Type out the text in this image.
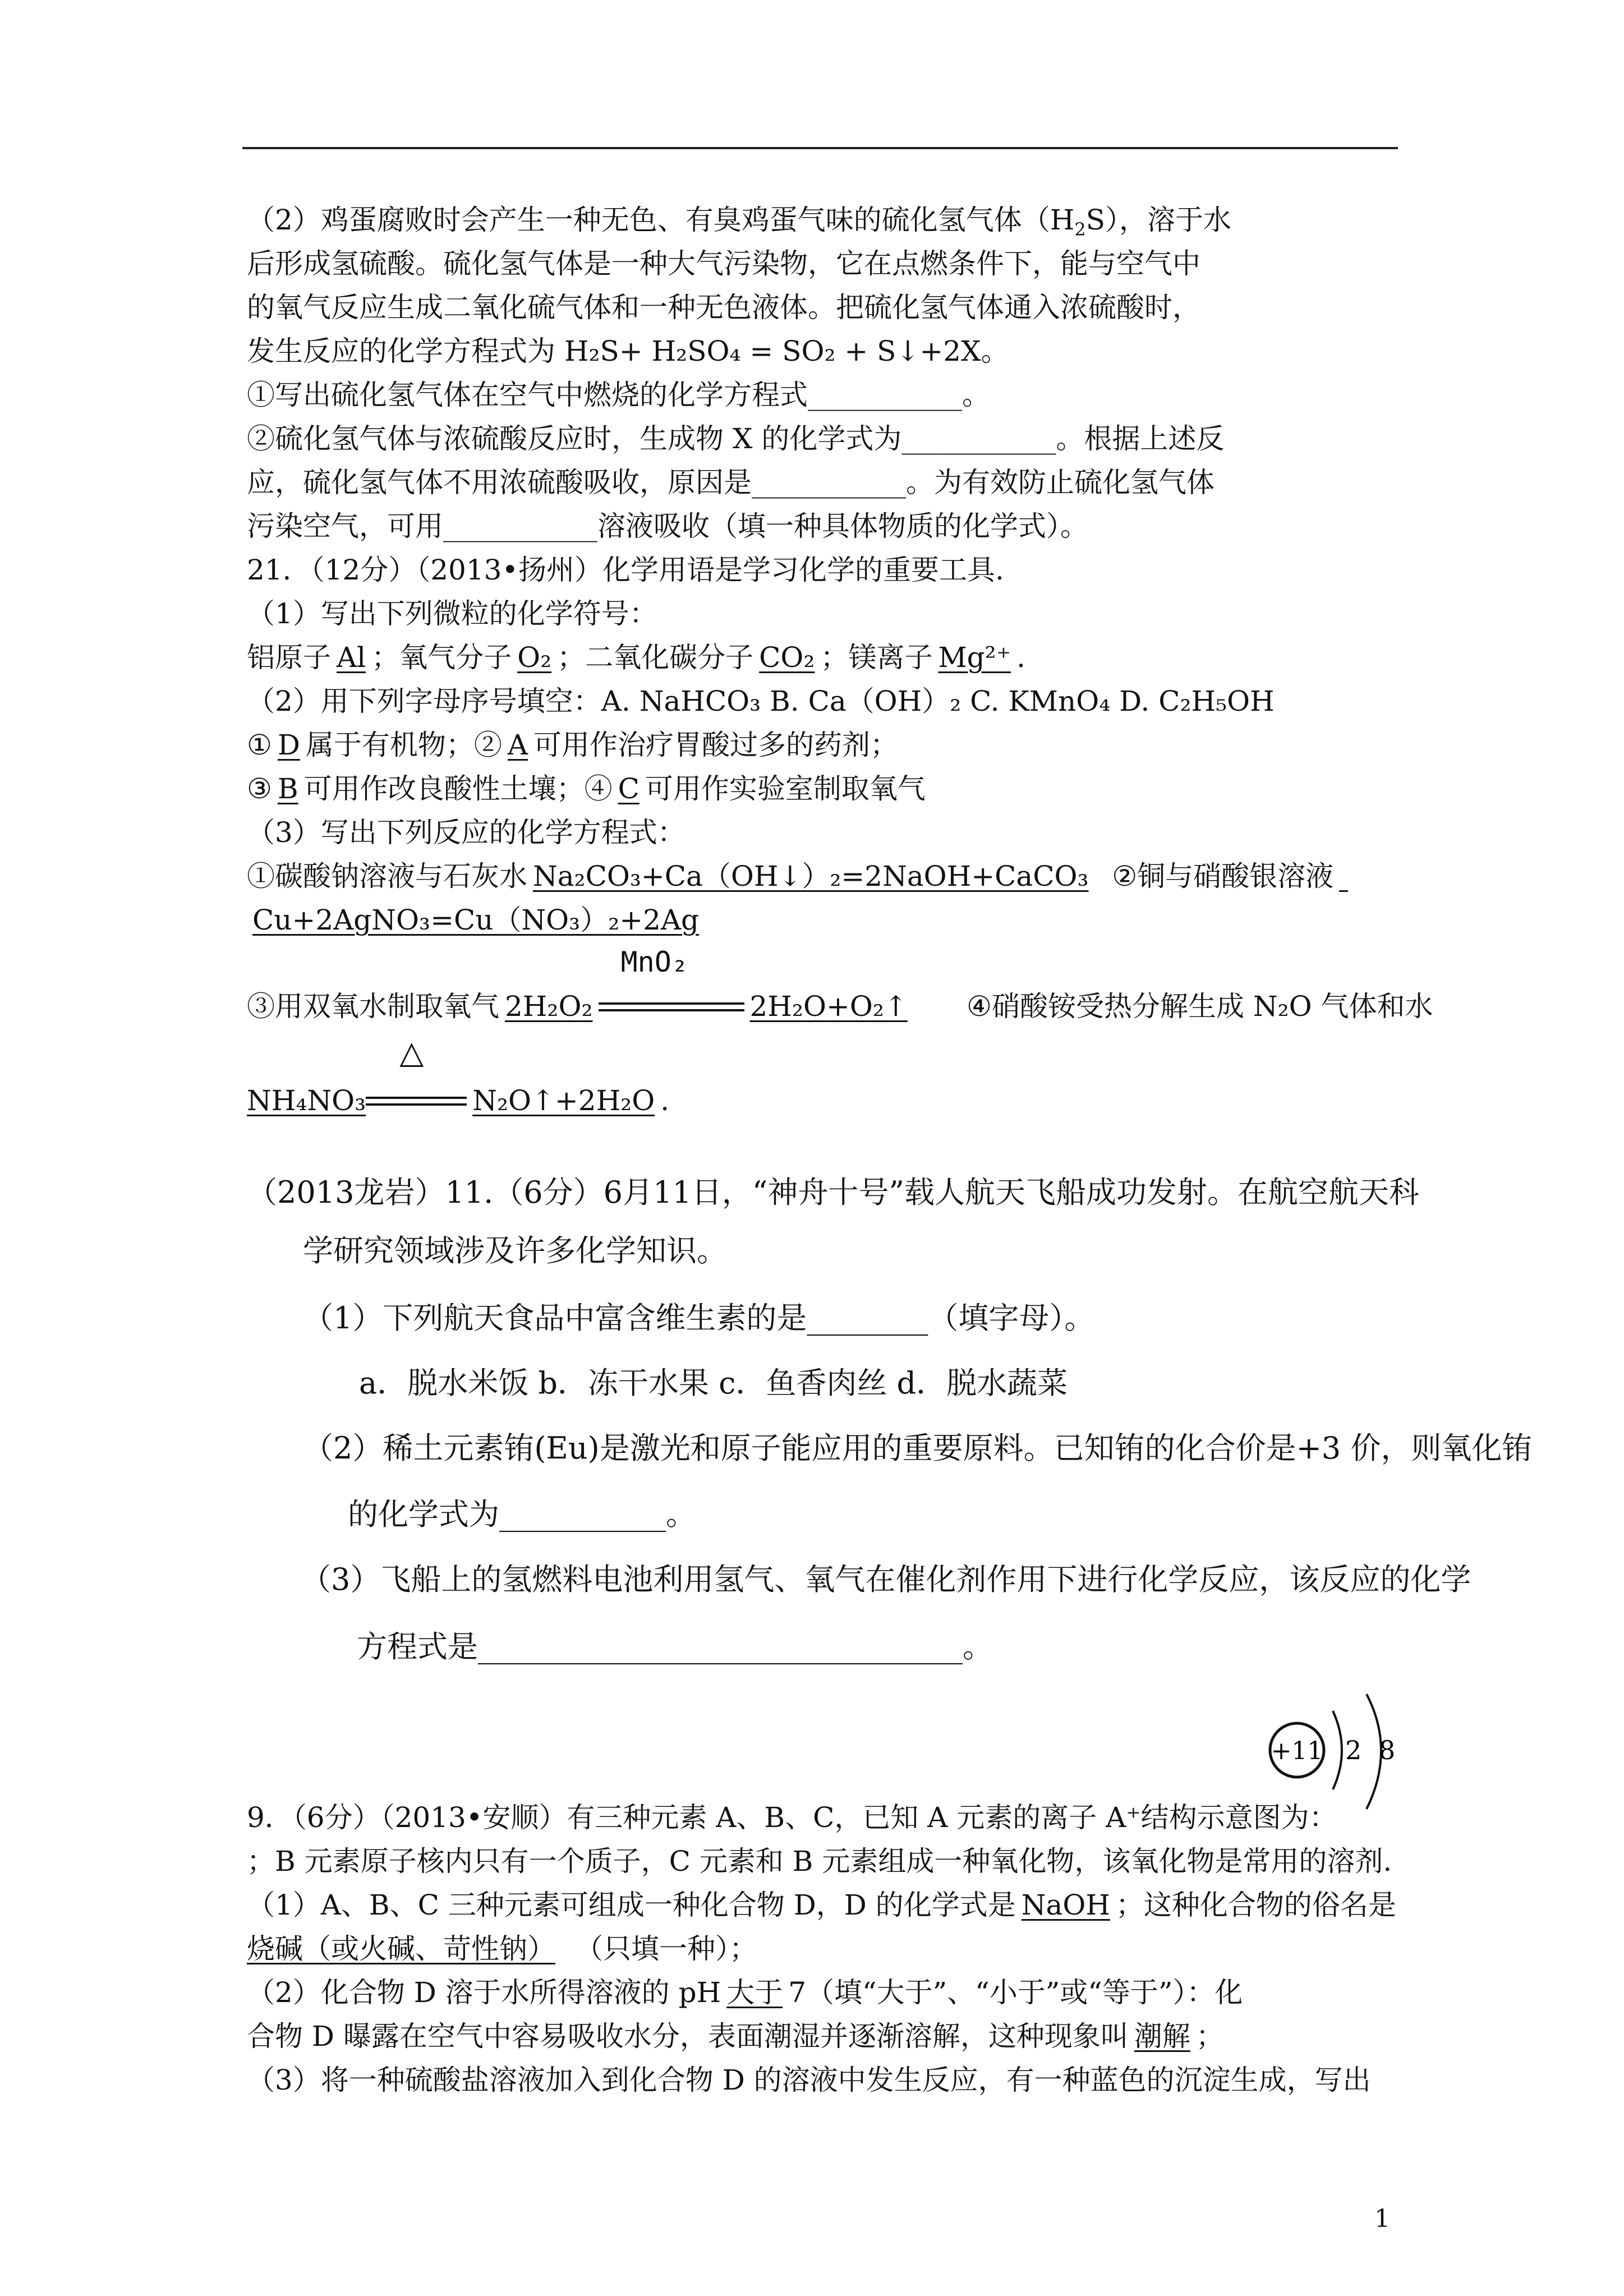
（2）鸡蛋腐败时会产生一种无色、有臭鸡蛋气味的硫化氢气体$(H_2S)$，溶于水
后形成氢硫酸。硫化氢气体是一种大气污染物，它在点燃条件下，能与空气中
的氧气反应生成二氧化硫气体和一种无色液体。把硫化氢气体通入浓硫酸时，
发生反应的化学方程式为 H₂S+ H₂SO₄ = SO₂ + S↓+2X。
①写出硫化氢气体在空气中燃烧的化学方程式___________。
②硫化氢气体与浓硫酸反应时，生成物 X 的化学式为___________。根据上述反
应，硫化氢气体不用浓硫酸吸收，原因是___________。为有效防止硫化氢气体
污染空气，可用___________溶液吸收（填一种具体物质的化学式）。
21．（12分）（2013•扬州）化学用语是学习化学的重要工具.
（1）写出下列微粒的化学符号：
铝原子 Al ；氧气分子 O₂ ；二氧化碳分子 CO₂ ；镁离子 Mg²⁺ .
（2）用下列字母序号填空：A. NaHCO₃ B. Ca（OH）₂ C. KMnO₄ D. C₂H₅OH
① D 属于有机物；② A 可用作治疗胃酸过多的药剂；
③ B 可用作改良酸性土壤；④ C 可用作实验室制取氧气
（3）写出下列反应的化学方程式：
①碳酸钠溶液与石灰水 Na₂CO₃+Ca（OH↓）₂=2NaOH+CaCO₃ ②铜与硝酸银溶液
Cu+2AgNO₃=Cu（NO₃）₂+2Ag
③用双氧水制取氧气 2H₂O₂
MnO₂
2H₂O+O₂↑ ④硝酸铵受热分解生成 N₂O 气体和水
NH₄NO₃
△
N₂O↑+2H₂O .
（2013龙岩）11.（6分）6月11日，“神舟十号”载人航天飞船成功发射。在航空航天科
学研究领域涉及许多化学知识。
（1）下列航天食品中富含维生素的是________（填字母）。
a．脱水米饭 b．冻干水果 c．鱼香肉丝 d．脱水蔬菜
（2）稀土元素铕(Eu)是激光和原子能应用的重要原料。已知铕的化合价是+3 价，则氧化铕
的化学式为___________。
（3）飞船上的氢燃料电池利用氢气、氧气在催化剂作用下进行化学反应，该反应的化学
方程式是________________________________。
+11 2 8
9．（6分）（2013•安顺）有三种元素 A、B、C，已知 A 元素的离子 A⁺结构示意图为：
；B 元素原子核内只有一个质子，C 元素和 B 元素组成一种氧化物，该氧化物是常用的溶剂.
（1）A、B、C 三种元素可组成一种化合物 D，D 的化学式是 NaOH ；这种化合物的俗名是
烧碱（或火碱、苛性钠） （只填一种）；
（2）化合物 D 溶于水所得溶液的 pH 大于 7（填“大于”、“小于”或“等于”）：化
合物 D 曝露在空气中容易吸收水分，表面潮湿并逐渐溶解，这种现象叫 潮解 ；
（3）将一种硫酸盐溶液加入到化合物 D 的溶液中发生反应，有一种蓝色的沉淀生成，写出
1
